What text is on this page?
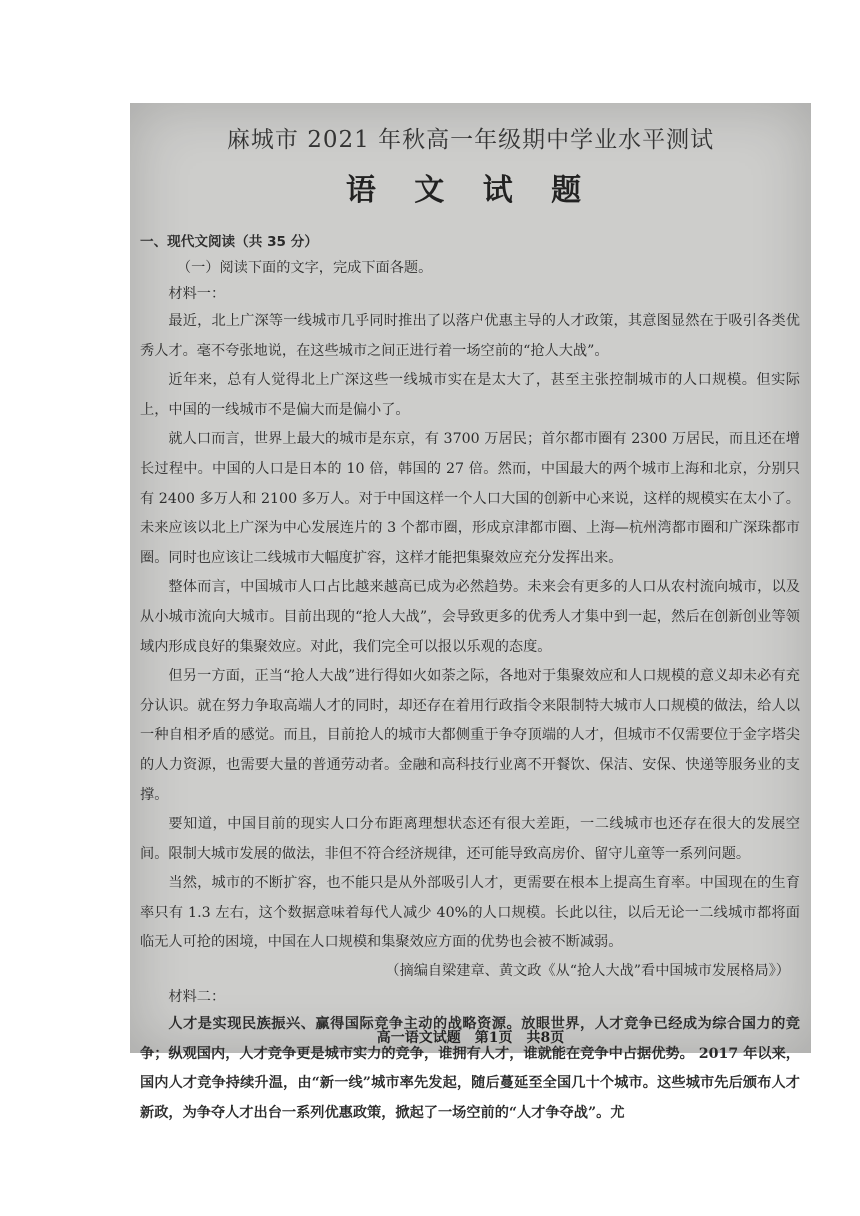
麻城市 2021 年秋高一年级期中学业水平测试
语 文 试 题
一、现代文阅读（共 35 分）
（一）阅读下面的文字，完成下面各题。
材料一：

最近，北上广深等一线城市几乎同时推出了以落户优惠主导的人才政策，其意图显然在于吸引各类优秀人才。毫不夸张地说，在这些城市之间正进行着一场空前的“抢人大战”。

近年来，总有人觉得北上广深这些一线城市实在是太大了，甚至主张控制城市的人口规模。但实际上，中国的一线城市不是偏大而是偏小了。

就人口而言，世界上最大的城市是东京，有 3700 万居民；首尔都市圈有 2300 万居民，而且还在增长过程中。中国的人口是日本的 10 倍，韩国的 27 倍。然而，中国最大的两个城市上海和北京，分别只有 2400 多万人和 2100 多万人。对于中国这样一个人口大国的创新中心来说，这样的规模实在太小了。未来应该以北上广深为中心发展连片的 3 个都市圈，形成京津都市圈、上海—杭州湾都市圈和广深珠都市圈。同时也应该让二线城市大幅度扩容，这样才能把集聚效应充分发挥出来。

整体而言，中国城市人口占比越来越高已成为必然趋势。未来会有更多的人口从农村流向城市，以及从小城市流向大城市。目前出现的“抢人大战”，会导致更多的优秀人才集中到一起，然后在创新创业等领域内形成良好的集聚效应。对此，我们完全可以报以乐观的态度。

但另一方面，正当“抢人大战”进行得如火如荼之际，各地对于集聚效应和人口规模的意义却未必有充分认识。就在努力争取高端人才的同时，却还存在着用行政指令来限制特大城市人口规模的做法，给人以一种自相矛盾的感觉。而且，目前抢人的城市大都侧重于争夺顶端的人才，但城市不仅需要位于金字塔尖的人力资源，也需要大量的普通劳动者。金融和高科技行业离不开餐饮、保洁、安保、快递等服务业的支撑。

要知道，中国目前的现实人口分布距离理想状态还有很大差距，一二线城市也还存在很大的发展空间。限制大城市发展的做法，非但不符合经济规律，还可能导致高房价、留守儿童等一系列问题。

当然，城市的不断扩容，也不能只是从外部吸引人才，更需要在根本上提高生育率。中国现在的生育率只有 1.3 左右，这个数据意味着每代人减少 40%的人口规模。长此以往，以后无论一二线城市都将面临无人可抢的困境，中国在人口规模和集聚效应方面的优势也会被不断减弱。

（摘编自梁建章、黄文政《从“抢人大战”看中国城市发展格局》）
材料二：

人才是实现民族振兴、赢得国际竞争主动的战略资源。放眼世界，人才竞争已经成为综合国力的竞争；纵观国内，人才竞争更是城市实力的竞争，谁拥有人才，谁就能在竞争中占据优势。 2017 年以来，国内人才竞争持续升温，由“新一线”城市率先发起，随后蔓延至全国几十个城市。这些城市先后颁布人才新政，为争夺人才出台一系列优惠政策，掀起了一场空前的“人才争夺战”。尤

高一语文试题　第1页　共8页
